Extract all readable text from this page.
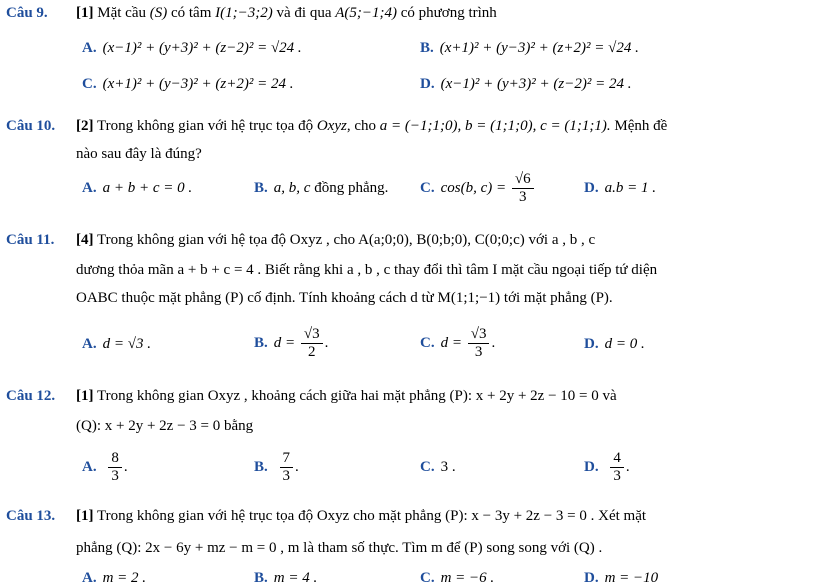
Câu 9. [1] Mặt cầu (S) có tâm I(1;−3;2) và đi qua A(5;−1;4) có phương trình
A. (x−1)² + (y+3)² + (z−2)² = √24 .	B. (x+1)² + (y−3)² + (z+2)² = √24 .
C. (x+1)² + (y−3)² + (z+2)² = 24 .	D. (x−1)² + (y+3)² + (z−2)² = 24 .
Câu 10. [2] Trong không gian với hệ trục tọa độ Oxyz, cho a = (−1;1;0), b = (1;1;0), c = (1;1;1). Mệnh đề
nào sau đây là đúng?
A. a + b + c = 0 .	B. a, b, c đồng phẳng. C. cos(b, $c) = \frac{√6}{3}$	D. a.b = 1 .
Câu 11. [4] Trong không gian với hệ tọa độ Oxyz , cho A(a;0;0), B(0;b;0), C(0;0;c) với a , b , c
dương thỏa mãn a + b + c = 4 . Biết rằng khi a , b , c thay đổi thì tâm I mặt cầu ngoại tiếp tứ diện
OABC thuộc mặt phẳng (P) cố định. Tính khoảng cách d từ M(1;1;−1) tới mặt phẳng (P).
A. d = √3 .	B. $d = \frac{√3}{2}$ .	C. $d = \frac{√3}{3}$ .	D. d = 0 .
Câu 12. [1] Trong không gian Oxyz , khoảng cách giữa hai mặt phẳng (P): x + 2y + 2z − 10 = 0 và
(Q): x + 2y + 2z − 3 = 0 bằng
A. $\frac{8}{3}$ .	B. $\frac{7}{3}$ .	C. 3 .	D. $\frac{4}{3}$ .
Câu 13. [1] Trong không gian với hệ trục tọa độ Oxyz cho mặt phẳng (P): x − 3y + 2z − 3 = 0 . Xét mặt
phẳng (Q): 2x − 6y + mz − m = 0 , m là tham số thực. Tìm m để (P) song song với (Q) .
A. m = 2 .	B. m = 4 .	C. m = −6 .	D. m = −10
